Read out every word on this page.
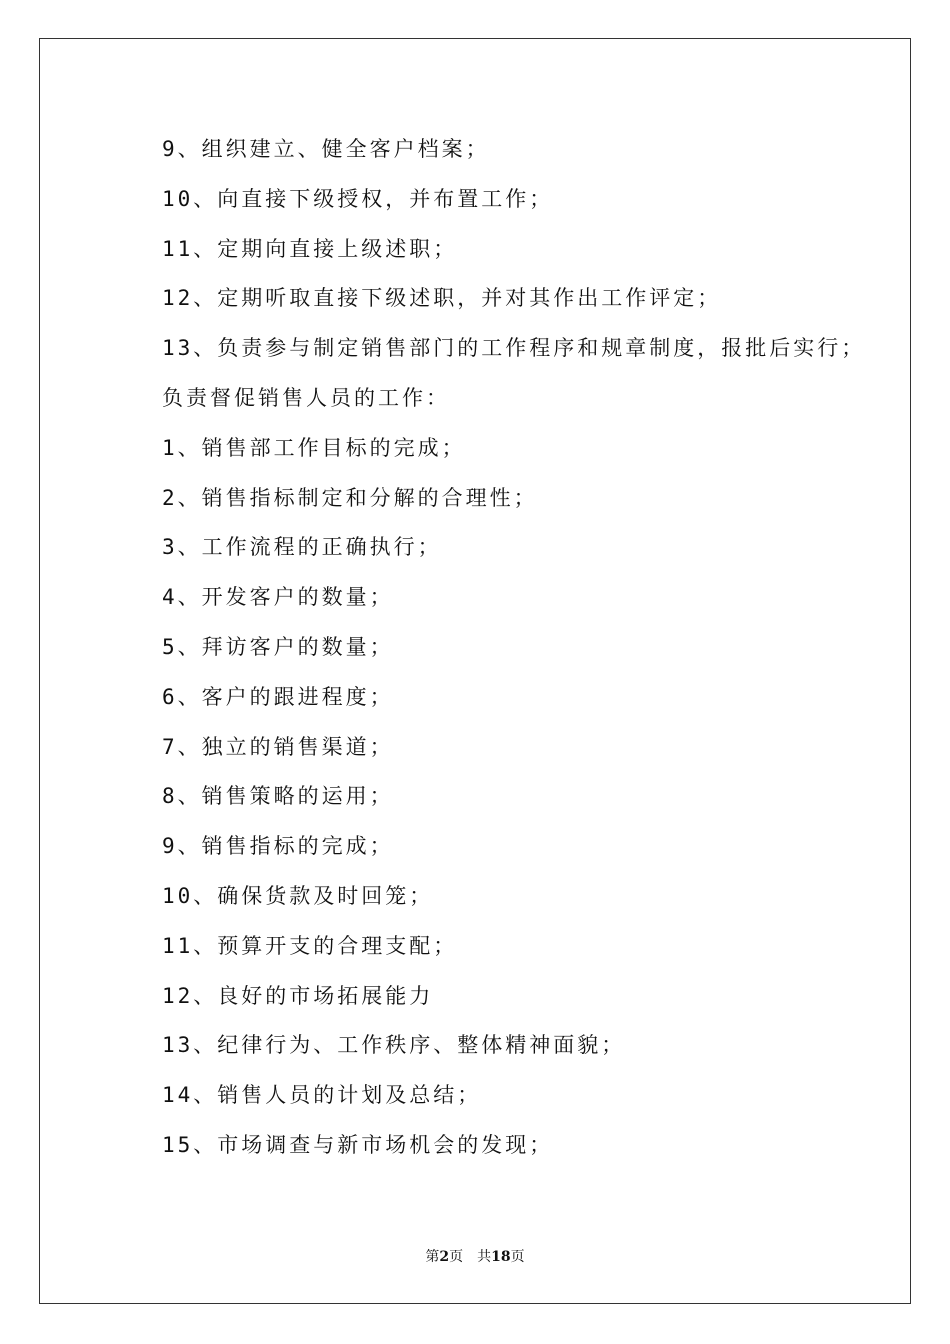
9、组织建立、健全客户档案；
10、向直接下级授权，并布置工作；
11、定期向直接上级述职；
12、定期听取直接下级述职，并对其作出工作评定；
13、负责参与制定销售部门的工作程序和规章制度，报批后实行；
负责督促销售人员的工作：
1、销售部工作目标的完成；
2、销售指标制定和分解的合理性；
3、工作流程的正确执行；
4、开发客户的数量；
5、拜访客户的数量；
6、客户的跟进程度；
7、独立的销售渠道；
8、销售策略的运用；
9、销售指标的完成；
10、确保货款及时回笼；
11、预算开支的合理支配；
12、良好的市场拓展能力
13、纪律行为、工作秩序、整体精神面貌；
14、销售人员的计划及总结；
15、市场调查与新市场机会的发现；
第2页 共18页
